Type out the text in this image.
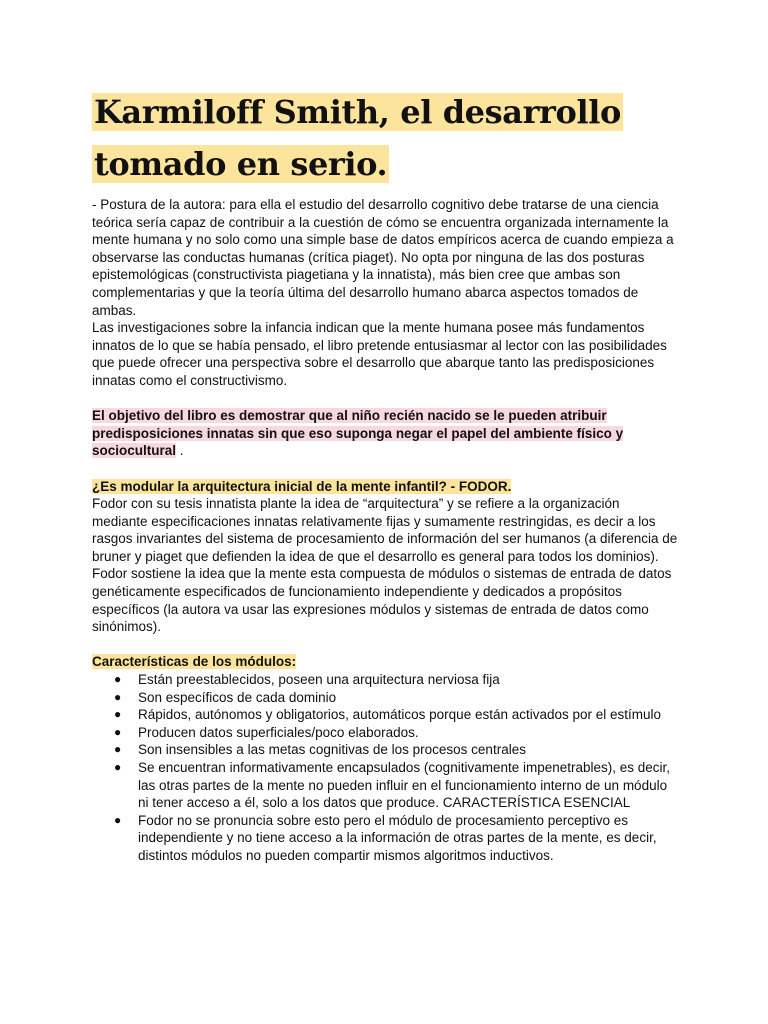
Karmiloff Smith, el desarrollo
tomado en serio.

- Postura de la autora: para ella el estudio del desarrollo cognitivo debe tratarse de una ciencia teórica sería capaz de contribuir a la cuestión de cómo se encuentra organizada internamente la mente humana y no solo como una simple base de datos empíricos acerca de cuando empieza a observarse las conductas humanas (crítica piaget). No opta por ninguna de las dos posturas epistemológicas (constructivista piagetiana y la innatista), más bien cree que ambas son complementarias y que la teoría última del desarrollo humano abarca aspectos tomados de ambas.

Las investigaciones sobre la infancia indican que la mente humana posee más fundamentos innatos de lo que se había pensado, el libro pretende entusiasmar al lector con las posibilidades que puede ofrecer una perspectiva sobre el desarrollo que abarque tanto las predisposiciones innatas como el constructivismo.

El objetivo del libro es demostrar que al niño recién nacido se le pueden atribuir predisposiciones innatas sin que eso suponga negar el papel del ambiente físico y sociocultural .

¿Es modular la arquitectura inicial de la mente infantil? - FODOR.

Fodor con su tesis innatista plante la idea de “arquitectura” y se refiere a la organización mediante especificaciones innatas relativamente fijas y sumamente restringidas, es decir a los rasgos invariantes del sistema de procesamiento de información del ser humanos (a diferencia de bruner y piaget que defienden la idea de que el desarrollo es general para todos los dominios).

Fodor sostiene la idea que la mente esta compuesta de módulos o sistemas de entrada de datos genéticamente especificados de funcionamiento independiente y dedicados a propósitos específicos (la autora va usar las expresiones módulos y sistemas de entrada de datos como sinónimos).

Características de los módulos:

● Están preestablecidos, poseen una arquitectura nerviosa fija
● Son específicos de cada dominio
● Rápidos, autónomos y obligatorios, automáticos porque están activados por el estímulo
● Producen datos superficiales/poco elaborados.
● Son insensibles a las metas cognitivas de los procesos centrales
● Se encuentran informativamente encapsulados (cognitivamente impenetrables), es decir, las otras partes de la mente no pueden influir en el funcionamiento interno de un módulo ni tener acceso a él, solo a los datos que produce. CARACTERÍSTICA ESENCIAL
● Fodor no se pronuncia sobre esto pero el módulo de procesamiento perceptivo es independiente y no tiene acceso a la información de otras partes de la mente, es decir, distintos módulos no pueden compartir mismos algoritmos inductivos.
